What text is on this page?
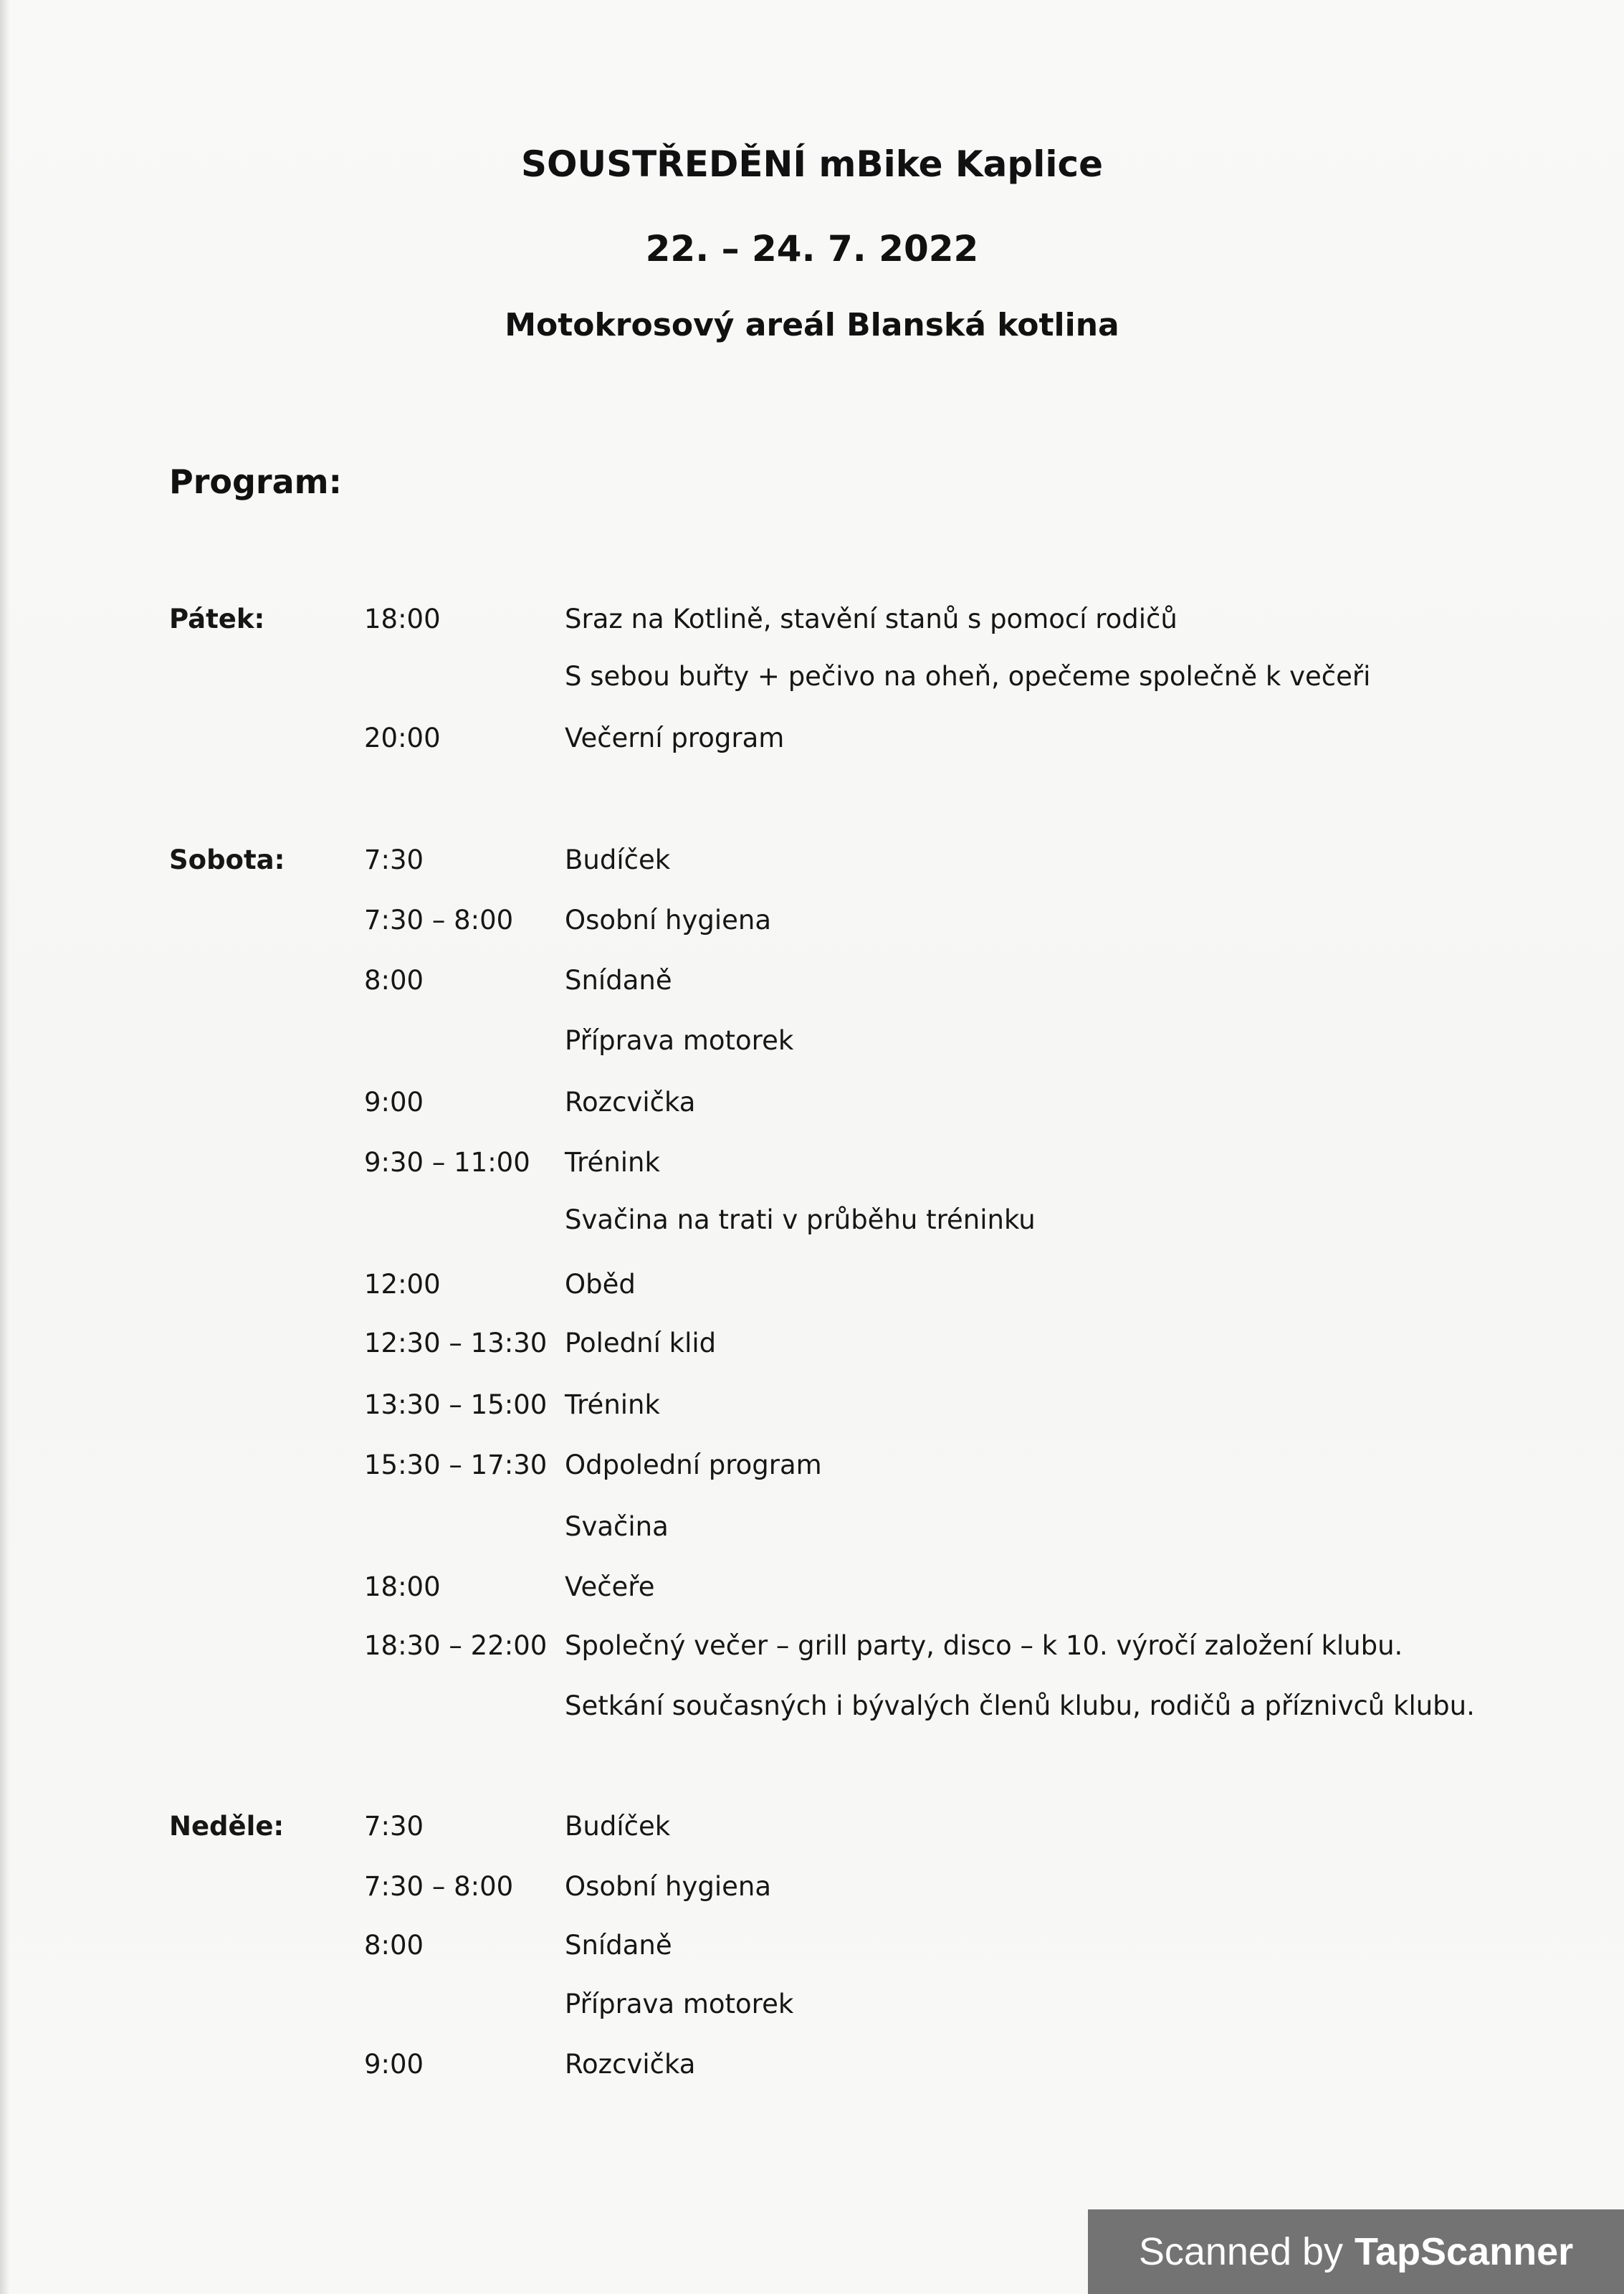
SOUSTŘEDĚNÍ mBike Kaplice
22. – 24. 7. 2022
Motokrosový areál Blanská kotlina
Program:
Pátek:	18:00	Sraz na Kotlině, stavění stanů s pomocí rodičů
S sebou buřty + pečivo na oheň, opečeme společně k večeři
20:00	Večerní program
Sobota:	7:30	Budíček
7:30 – 8:00 Osobní hygiena
8:00	Snídaně
Příprava motorek
9:00	Rozcvička
9:30 – 11:00 Trénink
Svačina na trati v průběhu tréninku
12:00	Oběd
12:30 – 13:30 Polední klid
13:30 – 15:00 Trénink
15:30 – 17:30 Odpolední program
Svačina
18:00	Večeře
18:30 – 22:00 Společný večer – grill party, disco – k 10. výročí založení klubu.
Setkání současných i bývalých členů klubu, rodičů a příznivců klubu.
Neděle:	7:30	Budíček
7:30 – 8:00 Osobní hygiena
8:00	Snídaně
Příprava motorek
9:00	Rozcvička
Scanned by TapScanner
